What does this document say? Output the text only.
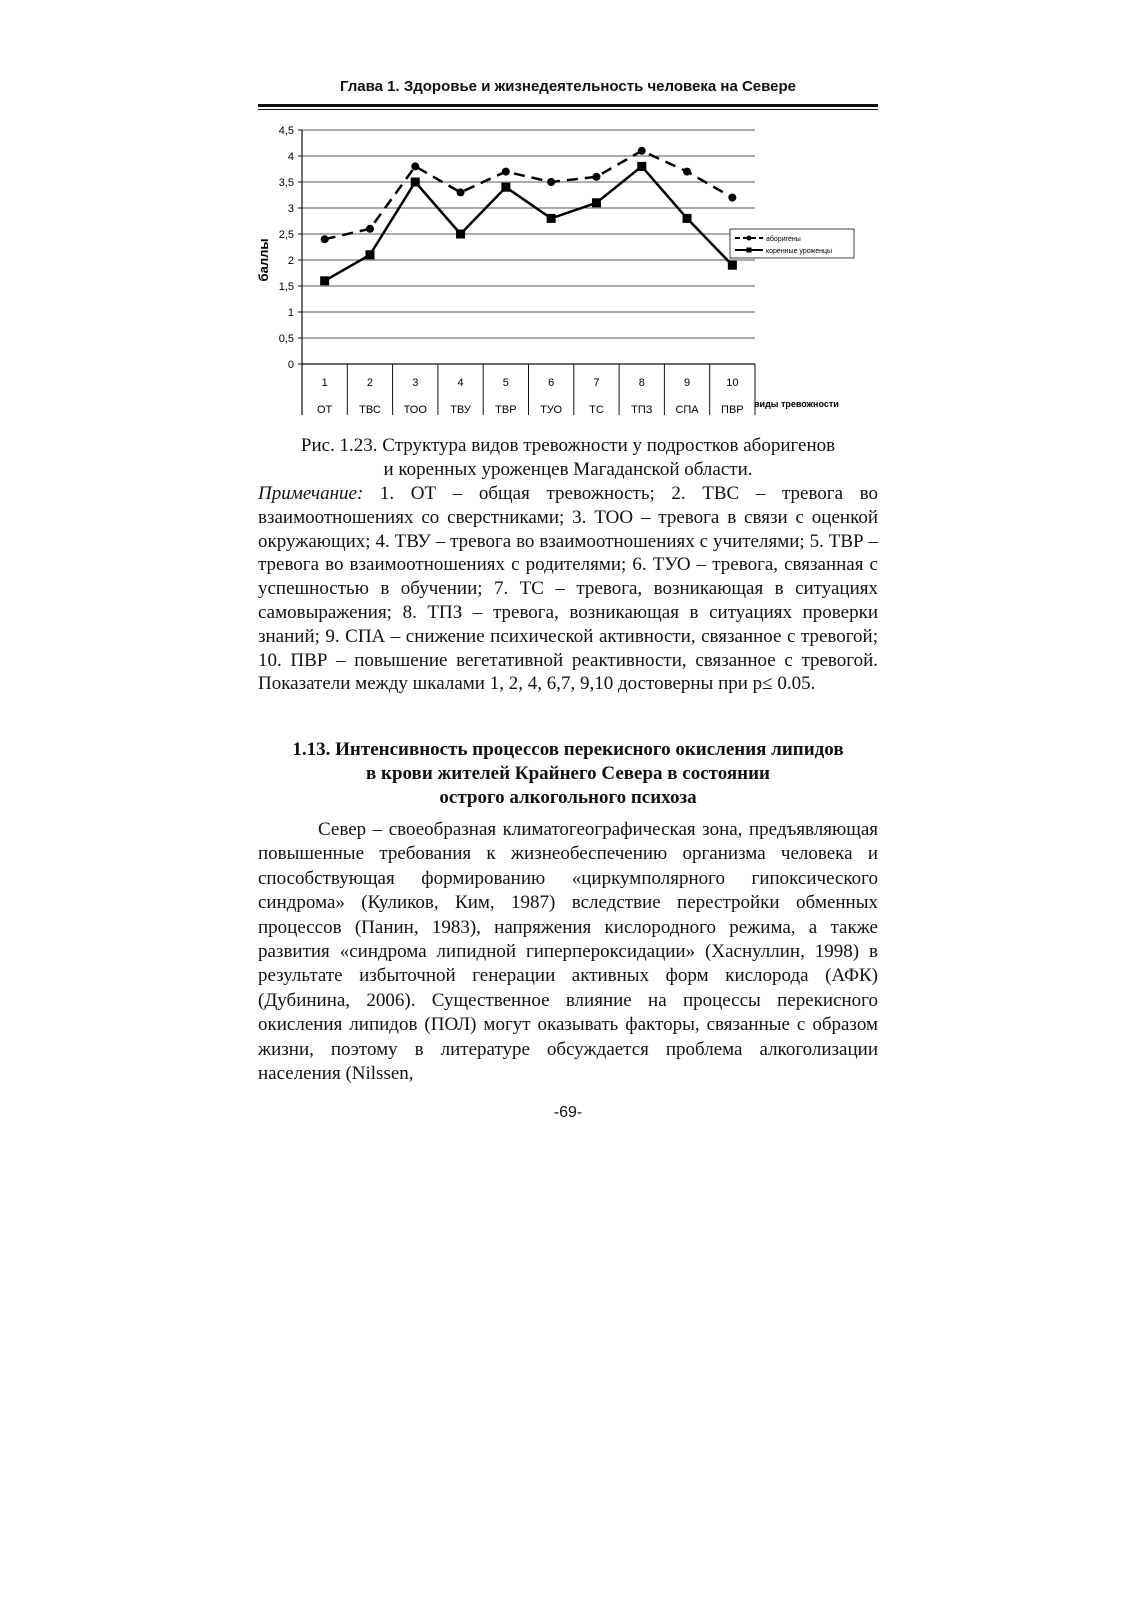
Глава 1. Здоровье и жизнедеятельность человека на Севере
0
0,5
1
1,5
2
2,5
3
3,5
4
4,5
баллы
1	2	3	4	5	6	7	8	9	10
ОТ ТВС ТОО ТВУ ТВР ТУО ТС ТПЗ СПА ПВР
аборигены
коренные уроженцы
виды тревожности
Рис. 1.23. Структура видов тревожности у подростков аборигенов
и коренных уроженцев Магаданской области.
Примечание: 1. ОТ – общая тревожность; 2. ТВС – тревога во взаимоотношениях со сверстниками; 3. ТОО – тревога в связи с оценкой окружающих; 4. ТВУ – тревога во взаимоотношениях с учителями; 5. ТВР – тревога во взаимоотношениях с родителями; 6. ТУО – тревога, связанная с успешностью в обучении; 7. ТС – тревога, возникающая в ситуациях самовыражения; 8. ТПЗ – тревога, возникающая в ситуациях проверки знаний; 9. СПА – снижение психической активности, связанное с тревогой; 10. ПВР – повышение вегетативной реактивности, связанное с тревогой. Показатели между шкалами 1, 2, 4, 6,7, 9,10 достоверны при p≤ 0.05.
1.13. Интенсивность процессов перекисного окисления липидов
в крови жителей Крайнего Севера в состоянии
острого алкогольного психоза
Север – своеобразная климатогеографическая зона, предъявляющая повышенные требования к жизнеобеспечению организма человека и способствующая формированию «циркумполярного гипоксического синдрома» (Куликов, Ким, 1987) вследствие перестройки обменных процессов (Панин, 1983), напряжения кислородного режима, а также развития «синдрома липидной гиперпероксидации» (Хаснуллин, 1998) в результате избыточной генерации активных форм кислорода (АФК) (Дубинина, 2006). Существенное влияние на процессы перекисного окисления липидов (ПОЛ) могут оказывать факторы, связанные с образом жизни, поэтому в литературе обсуждается проблема алкоголизации населения (Nilssen,
-69-
